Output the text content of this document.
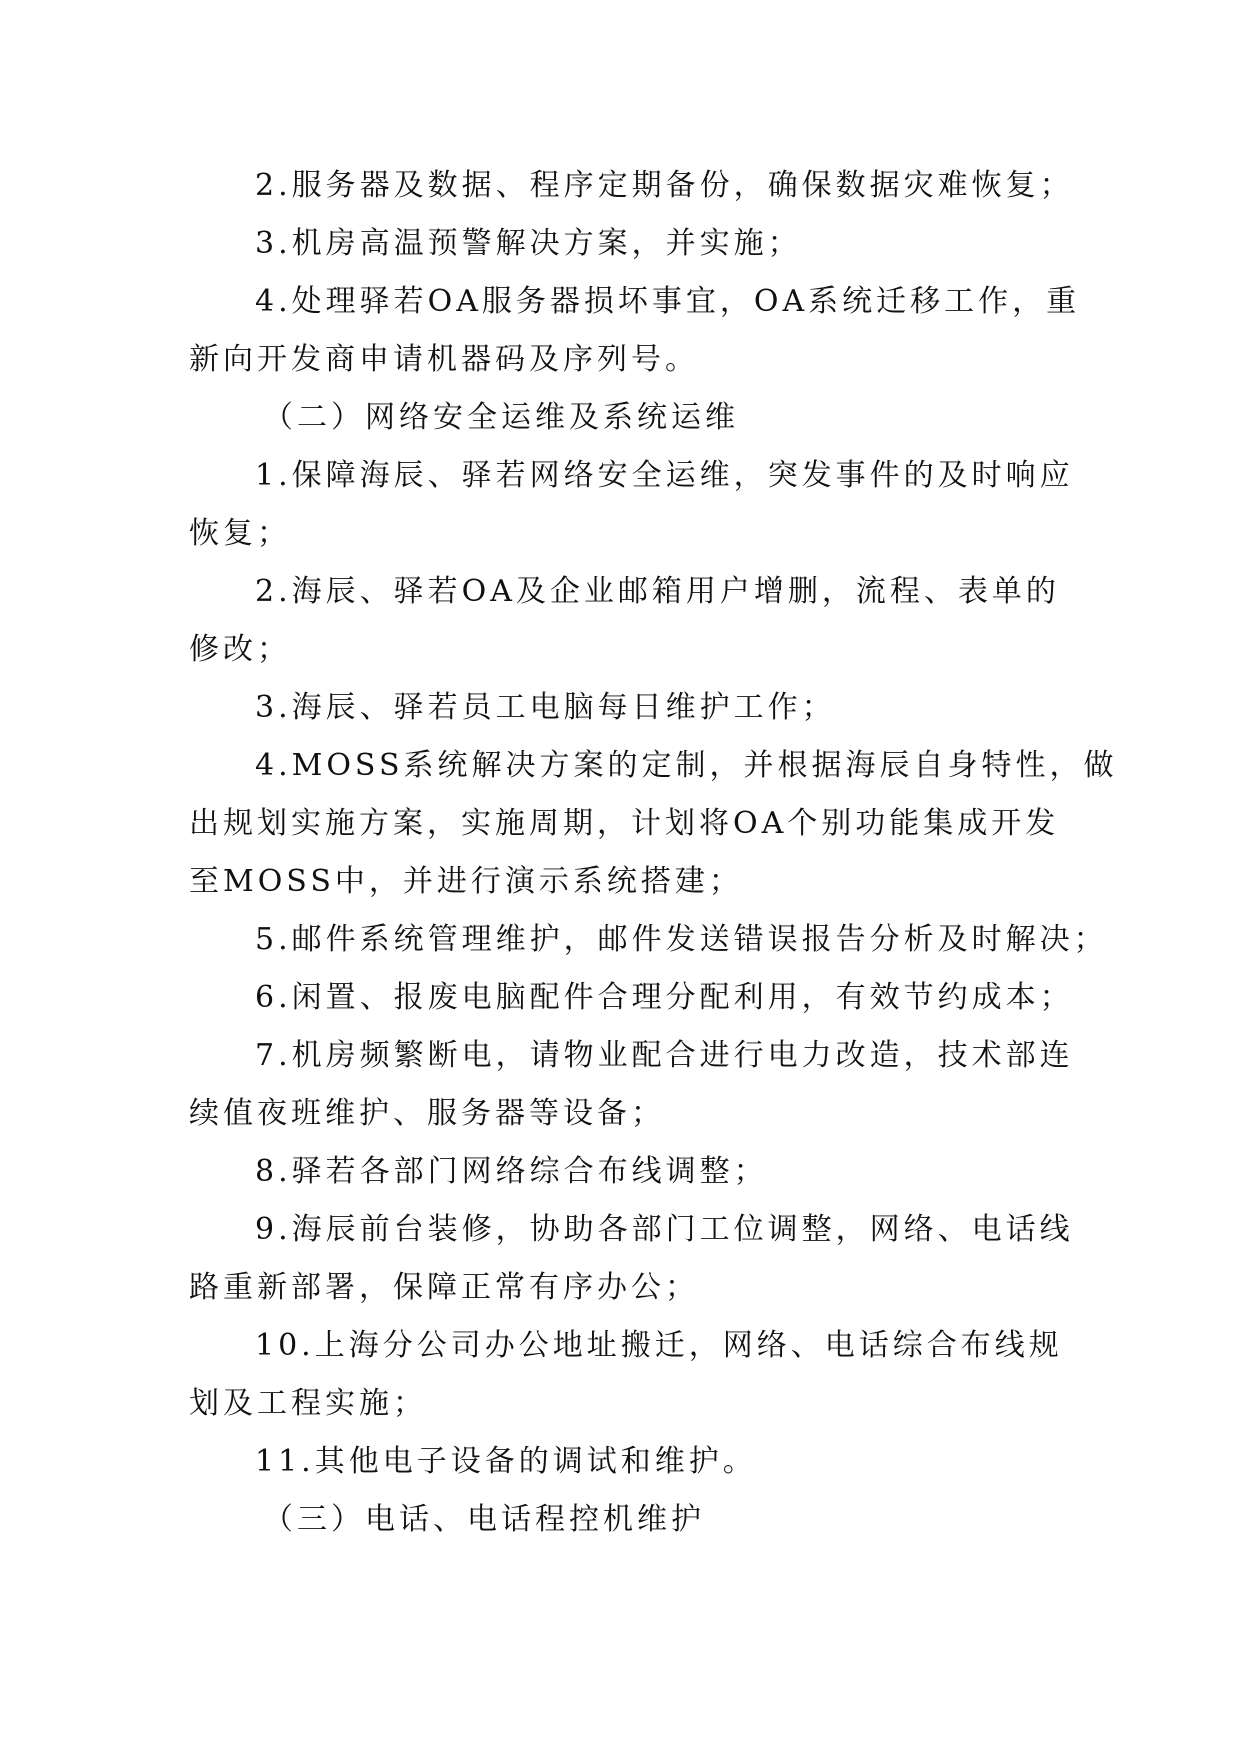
2.服务器及数据、程序定期备份，确保数据灾难恢复；
3.机房高温预警解决方案，并实施；
4.处理驿若OA服务器损坏事宜，OA系统迁移工作，重
新向开发商申请机器码及序列号。
（二）网络安全运维及系统运维
1.保障海辰、驿若网络安全运维，突发事件的及时响应
恢复；
2.海辰、驿若OA及企业邮箱用户增删，流程、表单的
修改；
3.海辰、驿若员工电脑每日维护工作；
4.MOSS系统解决方案的定制，并根据海辰自身特性，做
出规划实施方案，实施周期，计划将OA个别功能集成开发
至MOSS中，并进行演示系统搭建；
5.邮件系统管理维护，邮件发送错误报告分析及时解决；
6.闲置、报废电脑配件合理分配利用，有效节约成本；
7.机房频繁断电，请物业配合进行电力改造，技术部连
续值夜班维护、服务器等设备；
8.驿若各部门网络综合布线调整；
9.海辰前台装修，协助各部门工位调整，网络、电话线
路重新部署，保障正常有序办公；
10.上海分公司办公地址搬迁，网络、电话综合布线规
划及工程实施；
11.其他电子设备的调试和维护。
（三）电话、电话程控机维护
